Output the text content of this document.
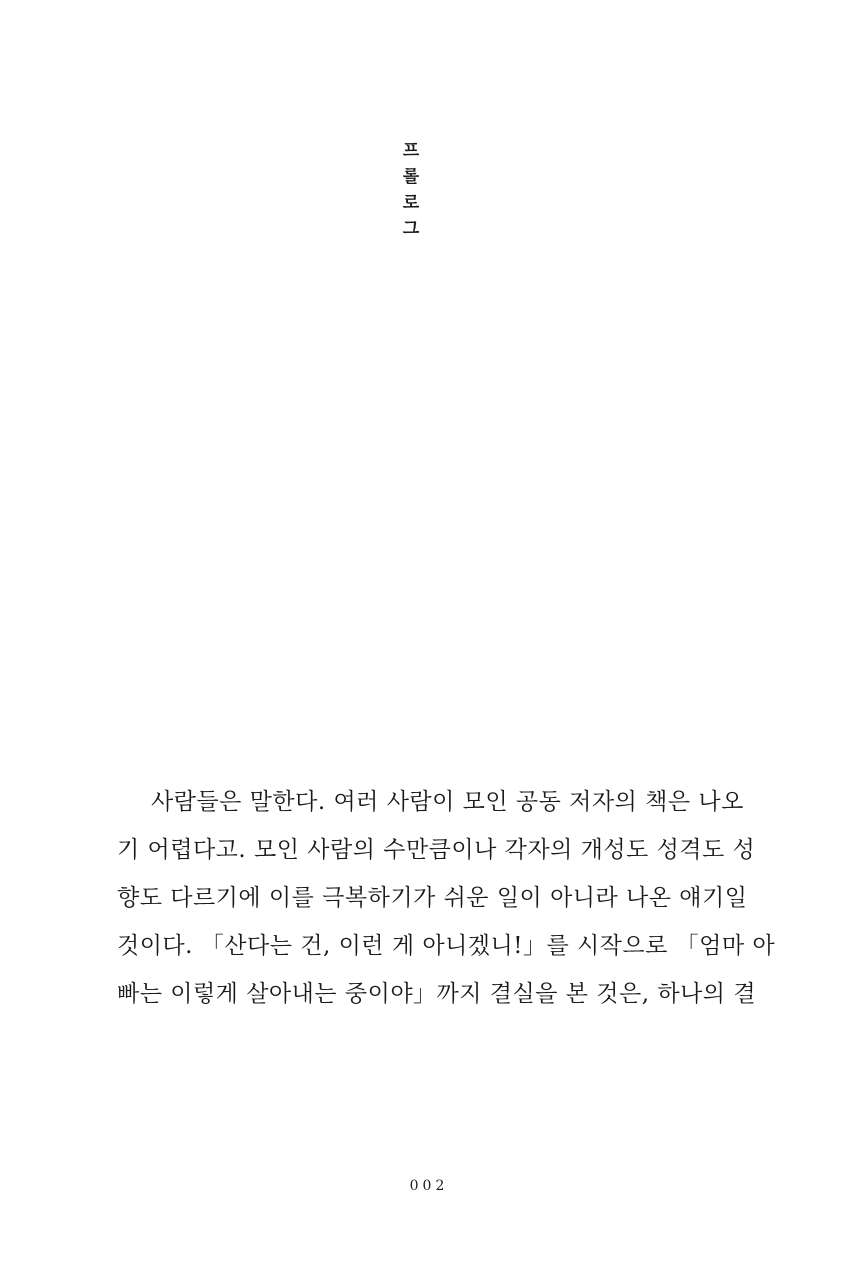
프
롤
로
그
사람들은 말한다. 여러 사람이 모인 공동 저자의 책은 나오
기 어렵다고. 모인 사람의 수만큼이나 각자의 개성도 성격도 성
향도 다르기에 이를 극복하기가 쉬운 일이 아니라 나온 얘기일
것이다. 「산다는 건, 이런 게 아니겠니!」를 시작으로 「엄마 아
빠는 이렇게 살아내는 중이야」까지 결실을 본 것은, 하나의 결
002
